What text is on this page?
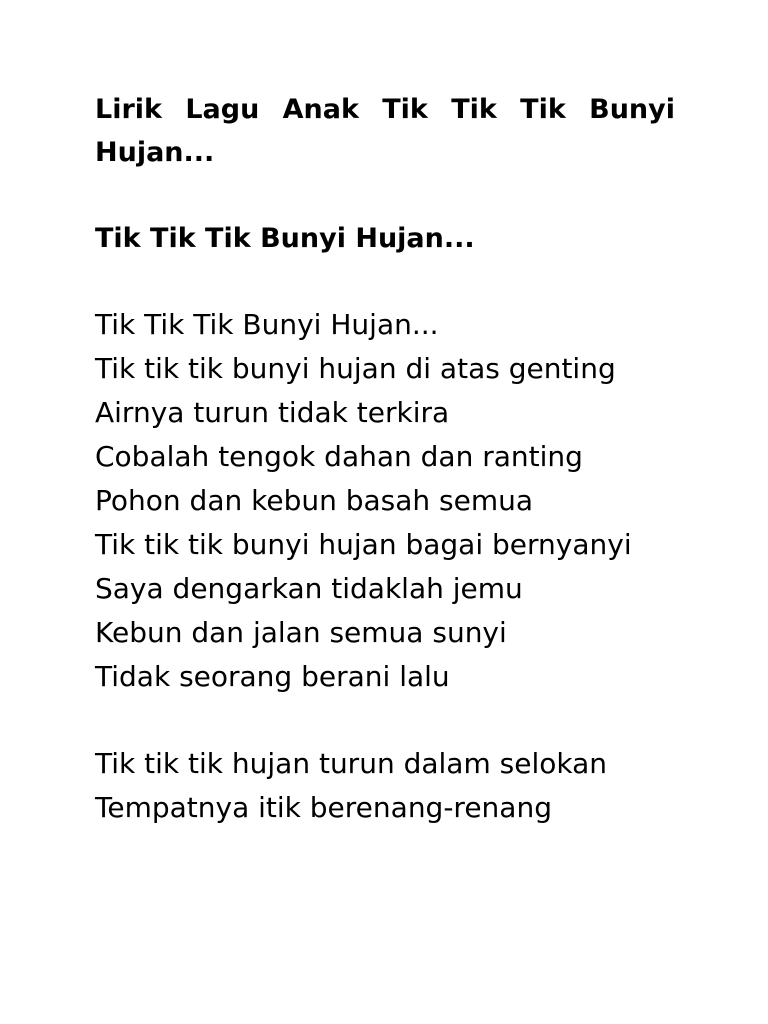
Lirik Lagu Anak Tik Tik Tik Bunyi Hujan...

Tik Tik Tik Bunyi Hujan...

Tik Tik Tik Bunyi Hujan...
Tik tik tik bunyi hujan di atas genting
Airnya turun tidak terkira
Cobalah tengok dahan dan ranting
Pohon dan kebun basah semua
Tik tik tik bunyi hujan bagai bernyanyi
Saya dengarkan tidaklah jemu
Kebun dan jalan semua sunyi
Tidak seorang berani lalu
Tik tik tik hujan turun dalam selokan
Tempatnya itik berenang-renang
